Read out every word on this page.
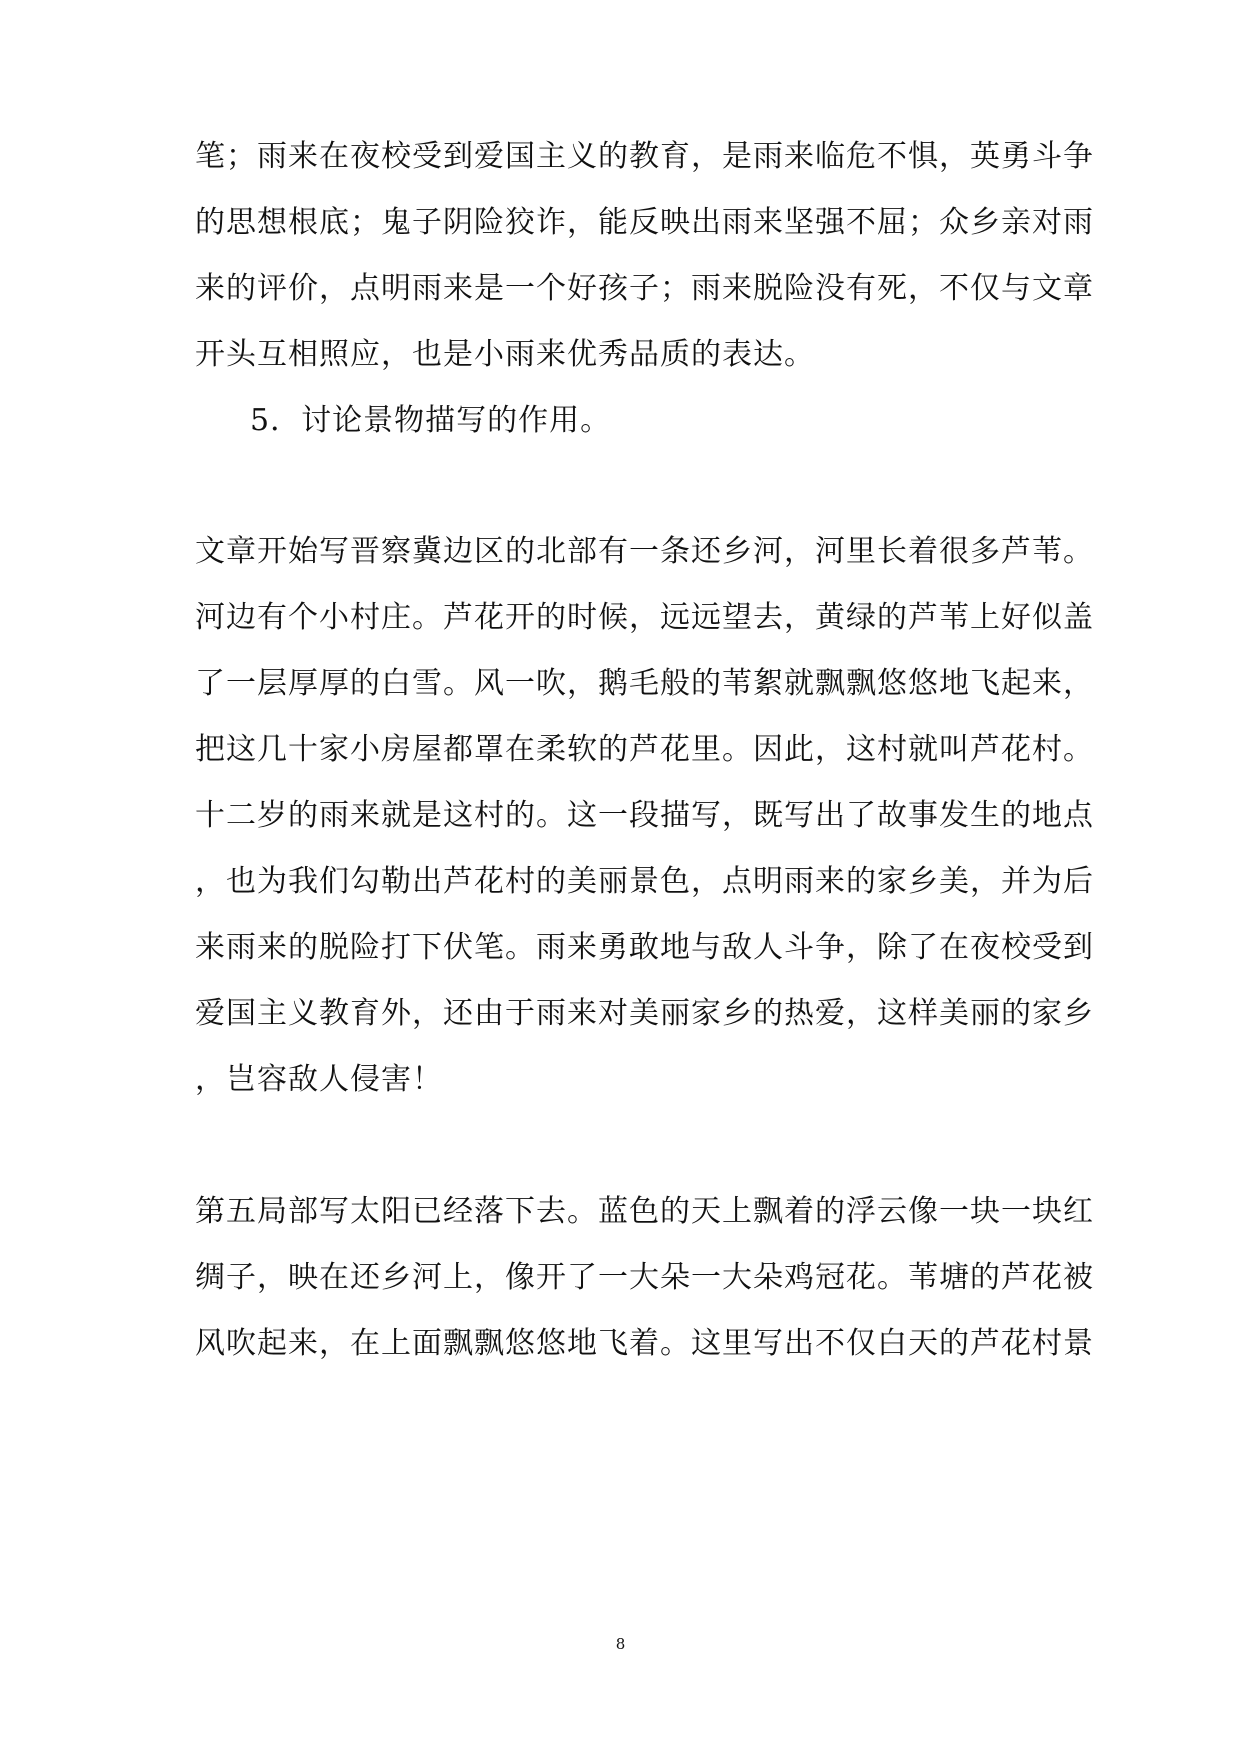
笔；雨来在夜校受到爱国主义的教育，是雨来临危不惧，英勇斗争
的思想根底；鬼子阴险狡诈，能反映出雨来坚强不屈；众乡亲对雨
来的评价，点明雨来是一个好孩子；雨来脱险没有死，不仅与文章
开头互相照应，也是小雨来优秀品质的表达。
5．讨论景物描写的作用。
文章开始写晋察冀边区的北部有一条还乡河，河里长着很多芦苇。
河边有个小村庄。芦花开的时候，远远望去，黄绿的芦苇上好似盖
了一层厚厚的白雪。风一吹，鹅毛般的苇絮就飘飘悠悠地飞起来，
把这几十家小房屋都罩在柔软的芦花里。因此，这村就叫芦花村。
十二岁的雨来就是这村的。这一段描写，既写出了故事发生的地点
，也为我们勾勒出芦花村的美丽景色，点明雨来的家乡美，并为后
来雨来的脱险打下伏笔。雨来勇敢地与敌人斗争，除了在夜校受到
爱国主义教育外，还由于雨来对美丽家乡的热爱，这样美丽的家乡
，岂容敌人侵害！
第五局部写太阳已经落下去。蓝色的天上飘着的浮云像一块一块红
绸子，映在还乡河上，像开了一大朵一大朵鸡冠花。苇塘的芦花被
风吹起来，在上面飘飘悠悠地飞着。这里写出不仅白天的芦花村景
8
